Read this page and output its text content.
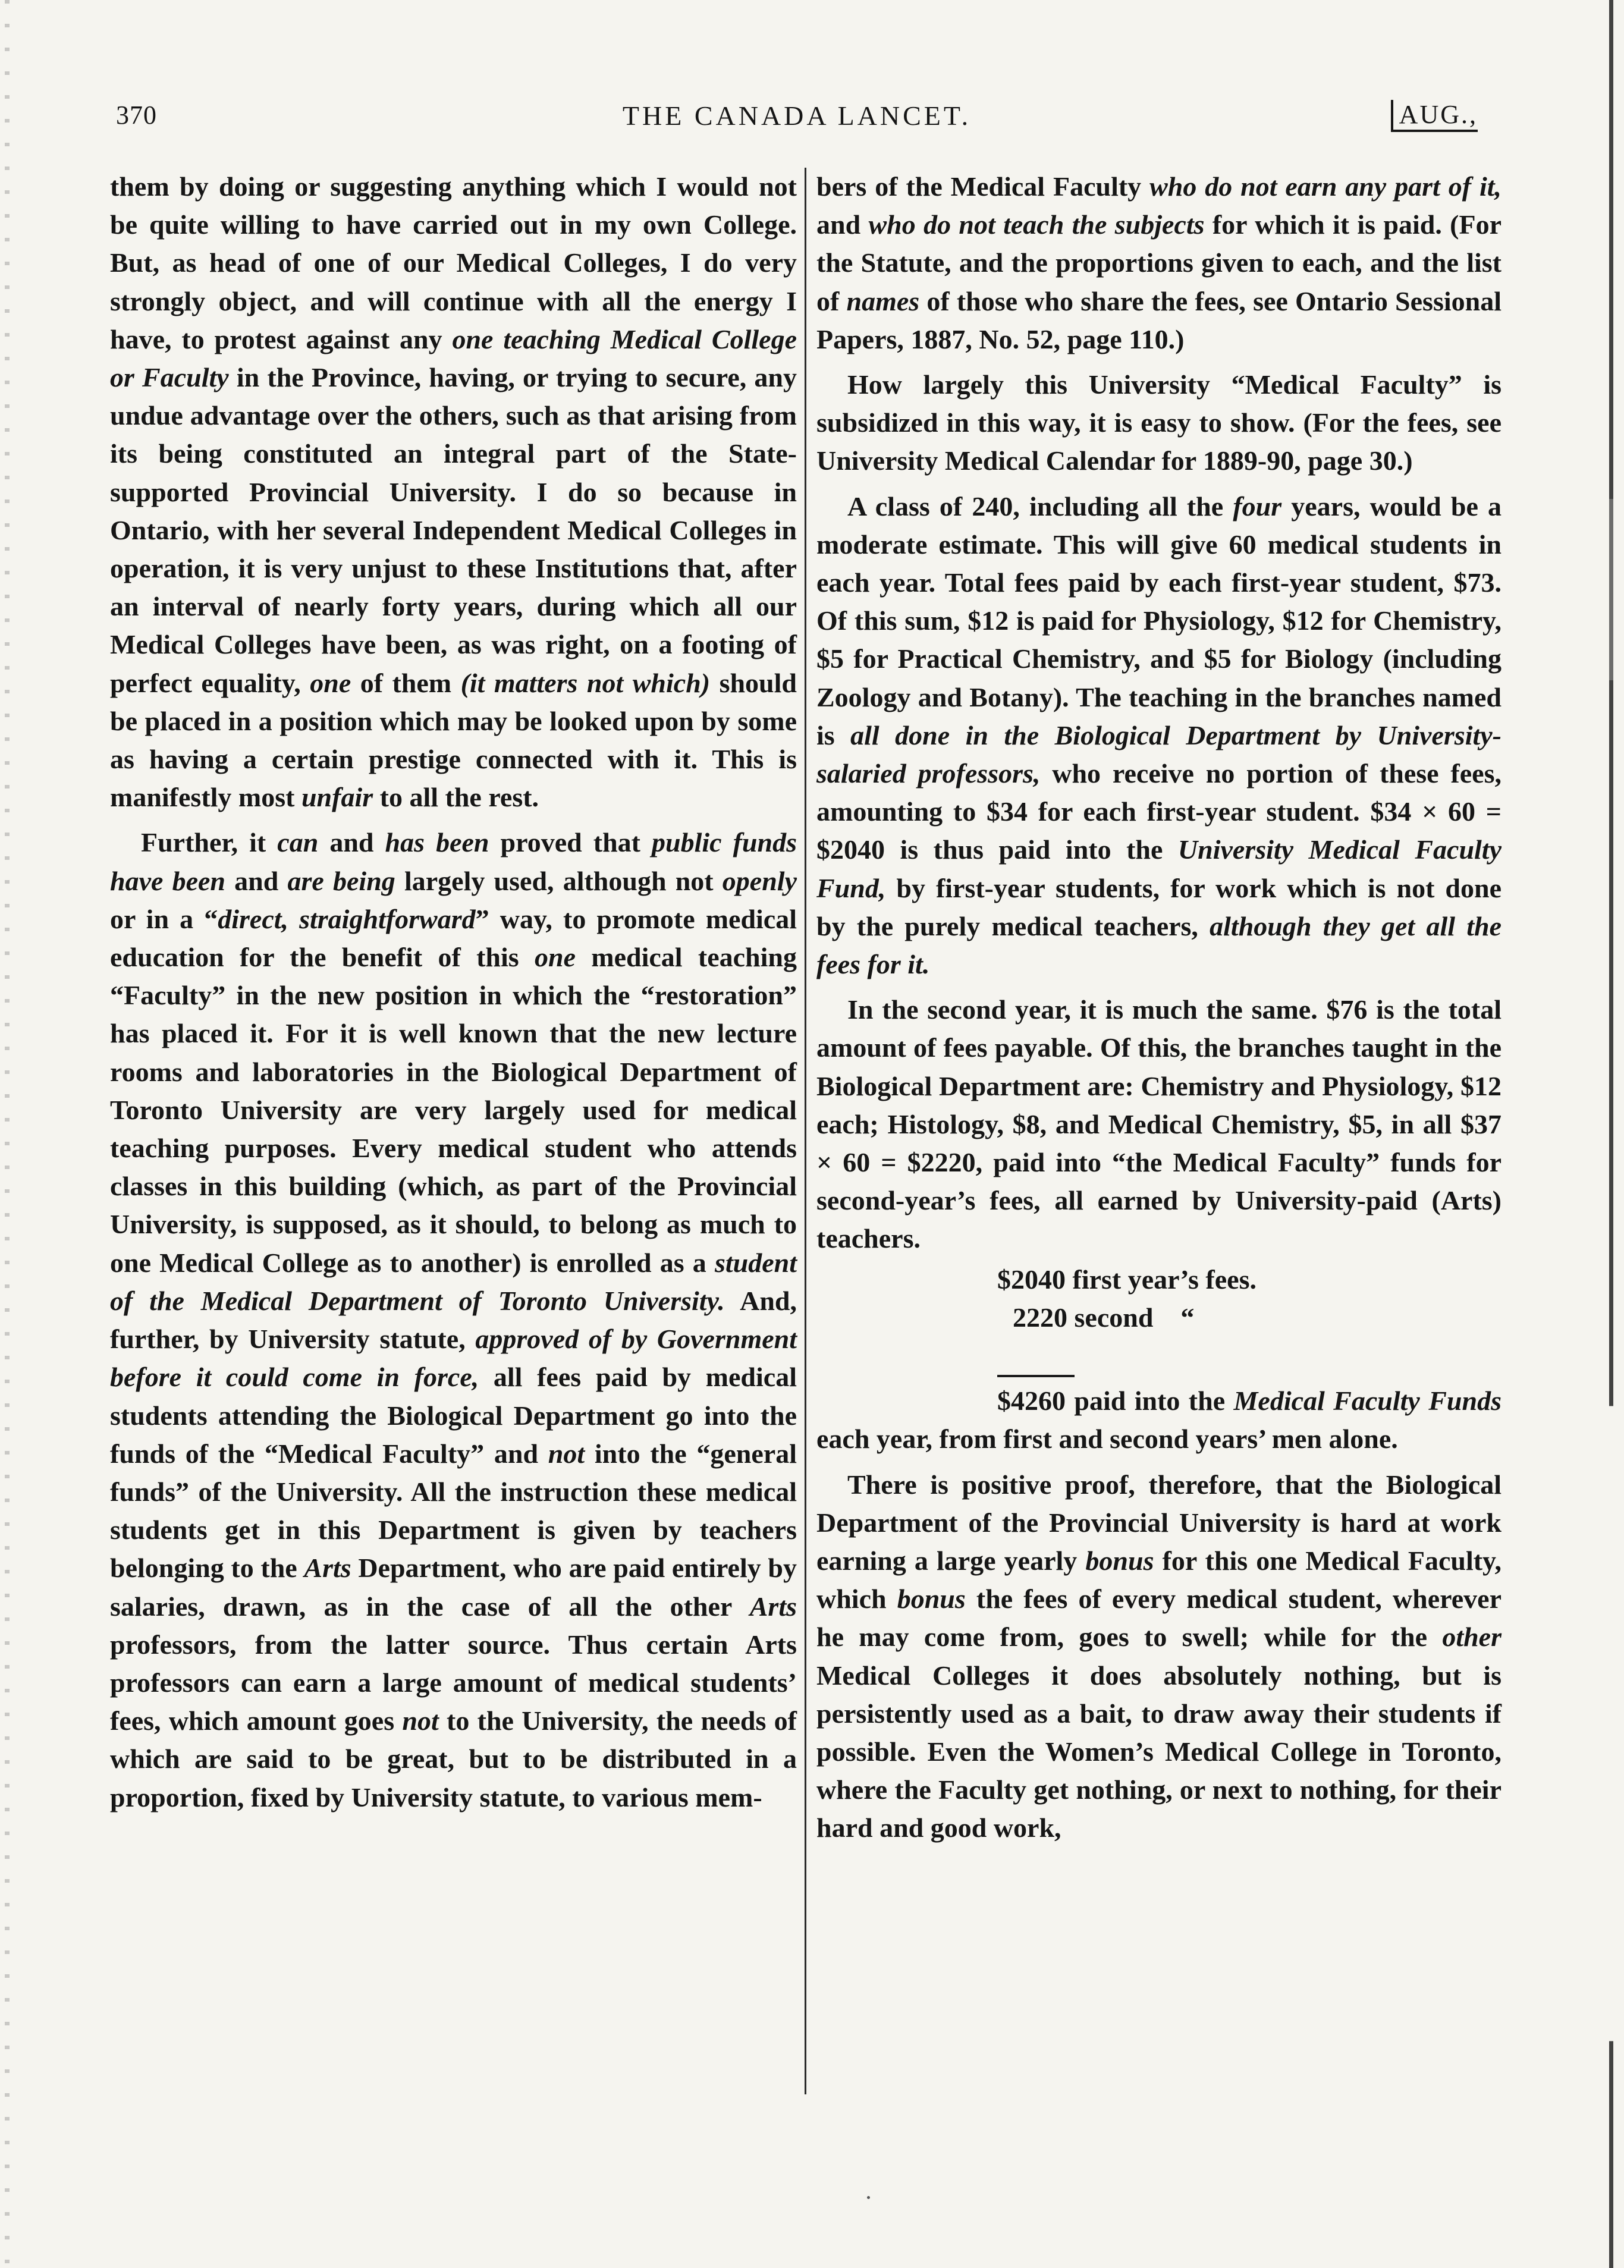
370	THE CANADA LANCET.	AUG.,

them by doing or suggesting anything which I would not be quite willing to have carried out in my own College. But, as head of one of our Medical Colleges, I do very strongly object, and will continue with all the energy I have, to protest against any one teaching Medical College or Faculty in the Province, having, or trying to secure, any undue advantage over the others, such as that arising from its being constituted an integral part of the State-supported Provincial University. I do so because in Ontario, with her several Independent Medical Colleges in operation, it is very unjust to these Institutions that, after an interval of nearly forty years, during which all our Medical Colleges have been, as was right, on a footing of perfect equality, one of them (it matters not which) should be placed in a position which may be looked upon by some as having a certain prestige connected with it. This is manifestly most unfair to all the rest.

Further, it can and has been proved that public funds have been and are being largely used, although not openly or in a “direct, straightforward” way, to promote medical education for the benefit of this one medical teaching “Faculty” in the new position in which the “restoration” has placed it. For it is well known that the new lecture rooms and laboratories in the Biological Department of Toronto University are very largely used for medical teaching purposes. Every medical student who attends classes in this building (which, as part of the Provincial University, is supposed, as it should, to belong as much to one Medical College as to another) is enrolled as a student of the Medical Department of Toronto University. And, further, by University statute, approved of by Government before it could come in force, all fees paid by medical students attending the Biological Department go into the funds of the “Medical Faculty” and not into the “general funds” of the University. All the instruction these medical students get in this Department is given by teachers belonging to the Arts Department, who are paid entirely by salaries, drawn, as in the case of all the other Arts professors, from the latter source. Thus certain Arts professors can earn a large amount of medical students’ fees, which amount goes not to the University, the needs of which are said to be great, but to be distributed in a proportion, fixed by University statute, to various mem-

bers of the Medical Faculty who do not earn any part of it, and who do not teach the subjects for which it is paid. (For the Statute, and the proportions given to each, and the list of names of those who share the fees, see Ontario Sessional Papers, 1887, No. 52, page 110.)

How largely this University “Medical Faculty” is subsidized in this way, it is easy to show. (For the fees, see University Medical Calendar for 1889-90, page 30.)

A class of 240, including all the four years, would be a moderate estimate. This will give 60 medical students in each year. Total fees paid by each first-year student, $73. Of this sum, $12 is paid for Physiology, $12 for Chemistry, $5 for Practical Chemistry, and $5 for Biology (including Zoology and Botany). The teaching in the branches named is all done in the Biological Department by University-salaried professors, who receive no portion of these fees, amounting to $34 for each first-year student. $34 × 60 = $2040 is thus paid into the University Medical Faculty Fund, by first-year students, for work which is not done by the purely medical teachers, although they get all the fees for it.

In the second year, it is much the same. $76 is the total amount of fees payable. Of this, the branches taught in the Biological Department are: Chemistry and Physiology, $12 each; Histology, $8, and Medical Chemistry, $5, in all $37 × 60 = $2220, paid into “the Medical Faculty” funds for second-year’s fees, all earned by University-paid (Arts) teachers.

$2040 first year’s fees.
2220 second    “

$4260 paid into the Medical Faculty Funds each year, from first and second years’ men alone.

There is positive proof, therefore, that the Biological Department of the Provincial University is hard at work earning a large yearly bonus for this one Medical Faculty, which bonus the fees of every medical student, wherever he may come from, goes to swell; while for the other Medical Colleges it does absolutely nothing, but is persistently used as a bait, to draw away their students if possible. Even the Women’s Medical College in Toronto, where the Faculty get nothing, or next to nothing, for their hard and good work,
